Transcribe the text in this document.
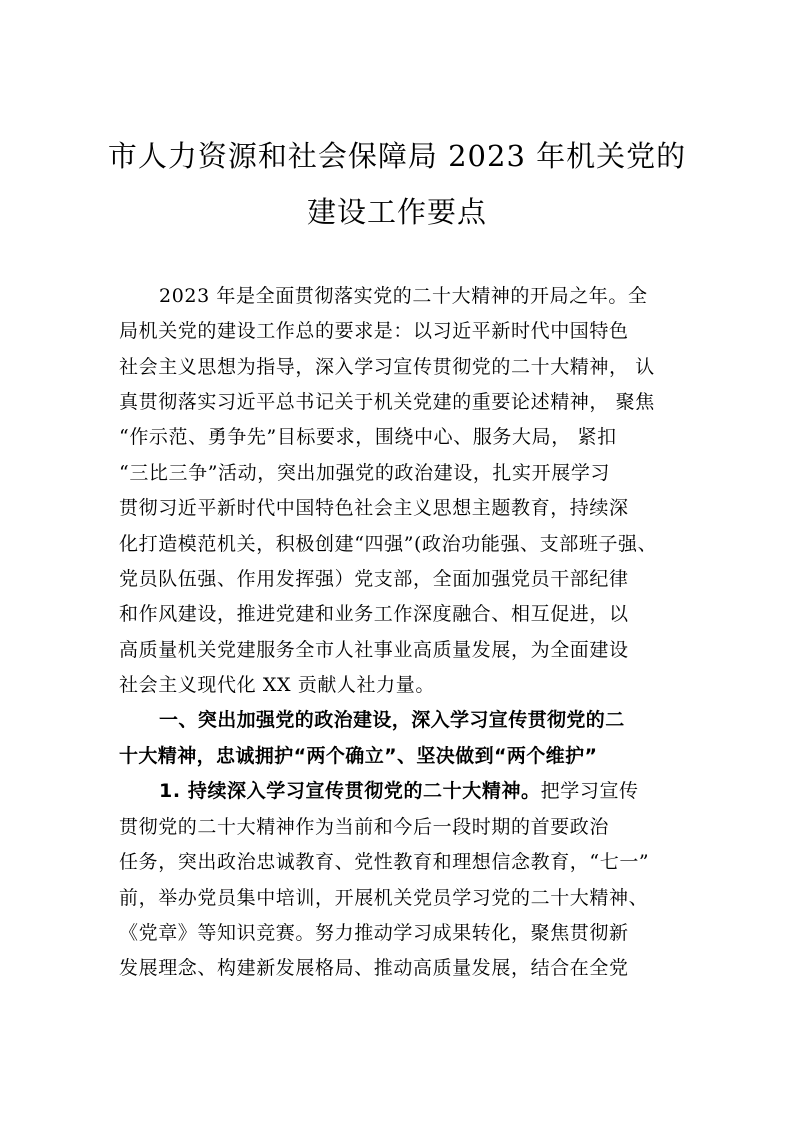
市人力资源和社会保障局 2023 年机关党的
建设工作要点
2023 年是全面贯彻落实党的二十大精神的开局之年。全
局机关党的建设工作总的要求是：以习近平新时代中国特色
社会主义思想为指导，深入学习宣传贯彻党的二十大精神， 认
真贯彻落实习近平总书记关于机关党建的重要论述精神， 聚焦
“作示范、勇争先”目标要求，围绕中心、服务大局， 紧扣
“三比三争”活动，突出加强党的政治建设，扎实开展学习
贯彻习近平新时代中国特色社会主义思想主题教育，持续深
化打造模范机关，积极创建“四强”(政治功能强、支部班子强、
党员队伍强、作用发挥强）党支部，全面加强党员干部纪律
和作风建设，推进党建和业务工作深度融合、相互促进，以
高质量机关党建服务全市人社事业高质量发展，为全面建设
社会主义现代化 XX 贡献人社力量。
一、突出加强党的政治建设，深入学习宣传贯彻党的二
十大精神，忠诚拥护“两个确立”、坚决做到“两个维护”
1. 持续深入学习宣传贯彻党的二十大精神。把学习宣传
贯彻党的二十大精神作为当前和今后一段时期的首要政治
任务，突出政治忠诚教育、党性教育和理想信念教育，“七一”
前，举办党员集中培训，开展机关党员学习党的二十大精神、
《党章》等知识竞赛。努力推动学习成果转化，聚焦贯彻新
发展理念、构建新发展格局、推动高质量发展，结合在全党
